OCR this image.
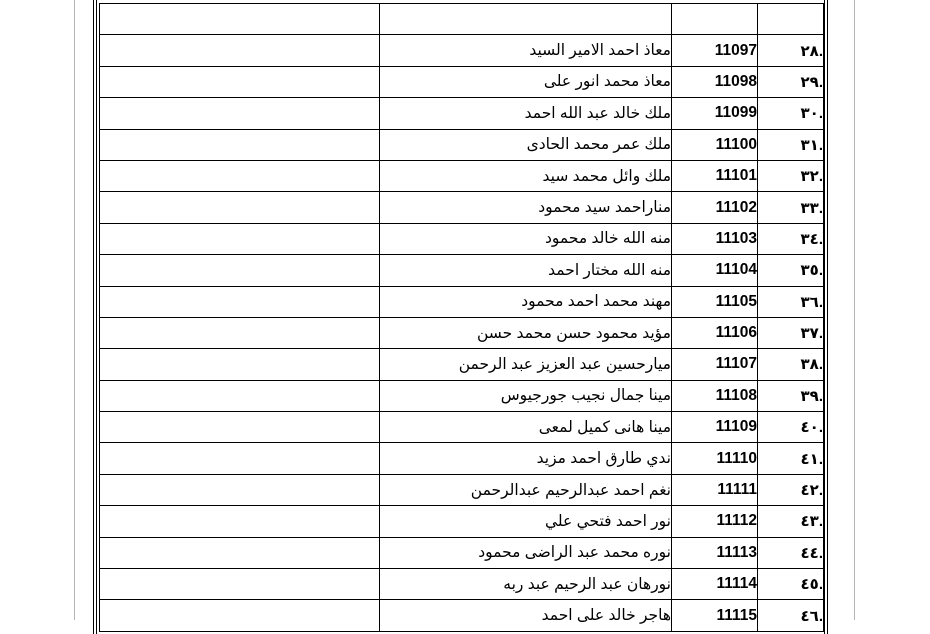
	معاذ احمد الامير السيد	11097	.٢٨
	معاذ محمد انور على	11098	.٢٩
	ملك خالد عبد الله احمد	11099	.٣٠
	ملك عمر محمد الحادى	11100	.٣١
	ملك وائل محمد سيد	11101	.٣٢
	مناراحمد سيد محمود	11102	.٣٣
	منه الله خالد محمود	11103	.٣٤
	منه الله مختار احمد	11104	.٣٥
	مهند محمد احمد محمود	11105	.٣٦
	مؤيد محمود حسن محمد حسن	11106	.٣٧
	ميارحسين عبد العزيز عبد الرحمن	11107	.٣٨
	مينا جمال نجيب جورجيوس	11108	.٣٩
	مينا هانى كميل لمعى	11109	.٤٠
	ندي طارق احمد مزيد	11110	.٤١
	نغم احمد عبدالرحيم عبدالرحمن	11111	.٤٢
	نور احمد فتحي علي	11112	.٤٣
	نوره محمد عبد الراضى محمود	11113	.٤٤
	نورهان عبد الرحيم عبد ربه	11114	.٤٥
	هاجر خالد على احمد	11115	.٤٦
